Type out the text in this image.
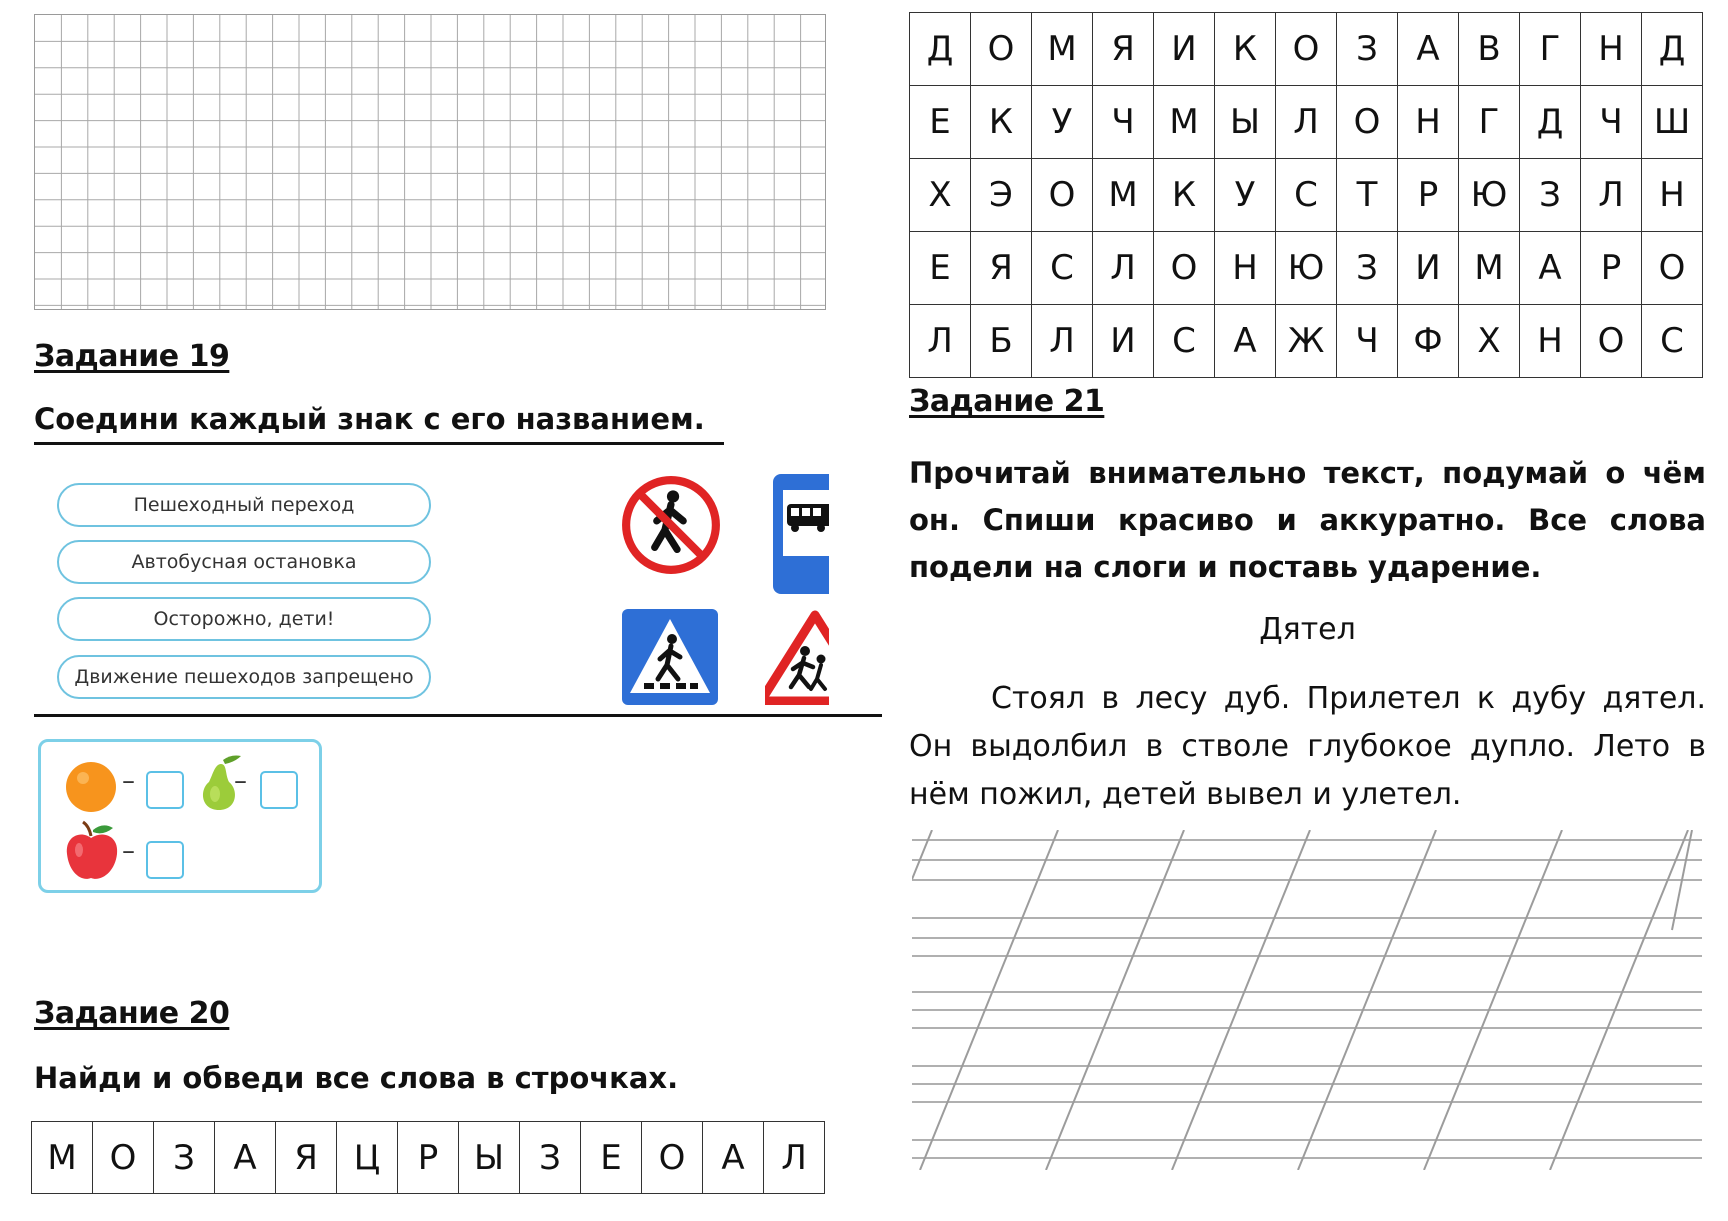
Задание 19
Соедини каждый знак с его названием.
Пешеходный переход
Автобусная остановка
Осторожно, дети!
Движение пешеходов запрещено
–	–
–
Задание 20
Найди и обведи все слова в строчках.
М	О	З	А	Я	Ц	Р	Ы	З	Е	О	А	Л
Д	О	М	Я	И	К	О	З	А	В	Г	Н	Д
Е	К	У	Ч	М	Ы	Л	О	Н	Г	Д	Ч	Ш
Х	Э	О	М	К	У	С	Т	Р	Ю	З	Л	Н
Е	Я	С	Л	О	Н	Ю	З	И	М	А	Р	О
Л	Б	Л	И	С	А	Ж	Ч	Ф	Х	Н	О	С
Задание 21
Прочитай внимательно текст, подумай о чём он. Спиши красиво и аккуратно. Все слова подели на слоги и поставь ударение.
Дятел
Стоял в лесу дуб. Прилетел к дубу дятел. Он выдолбил в стволе глубокое дупло. Лето в нём пожил, детей вывел и улетел.
